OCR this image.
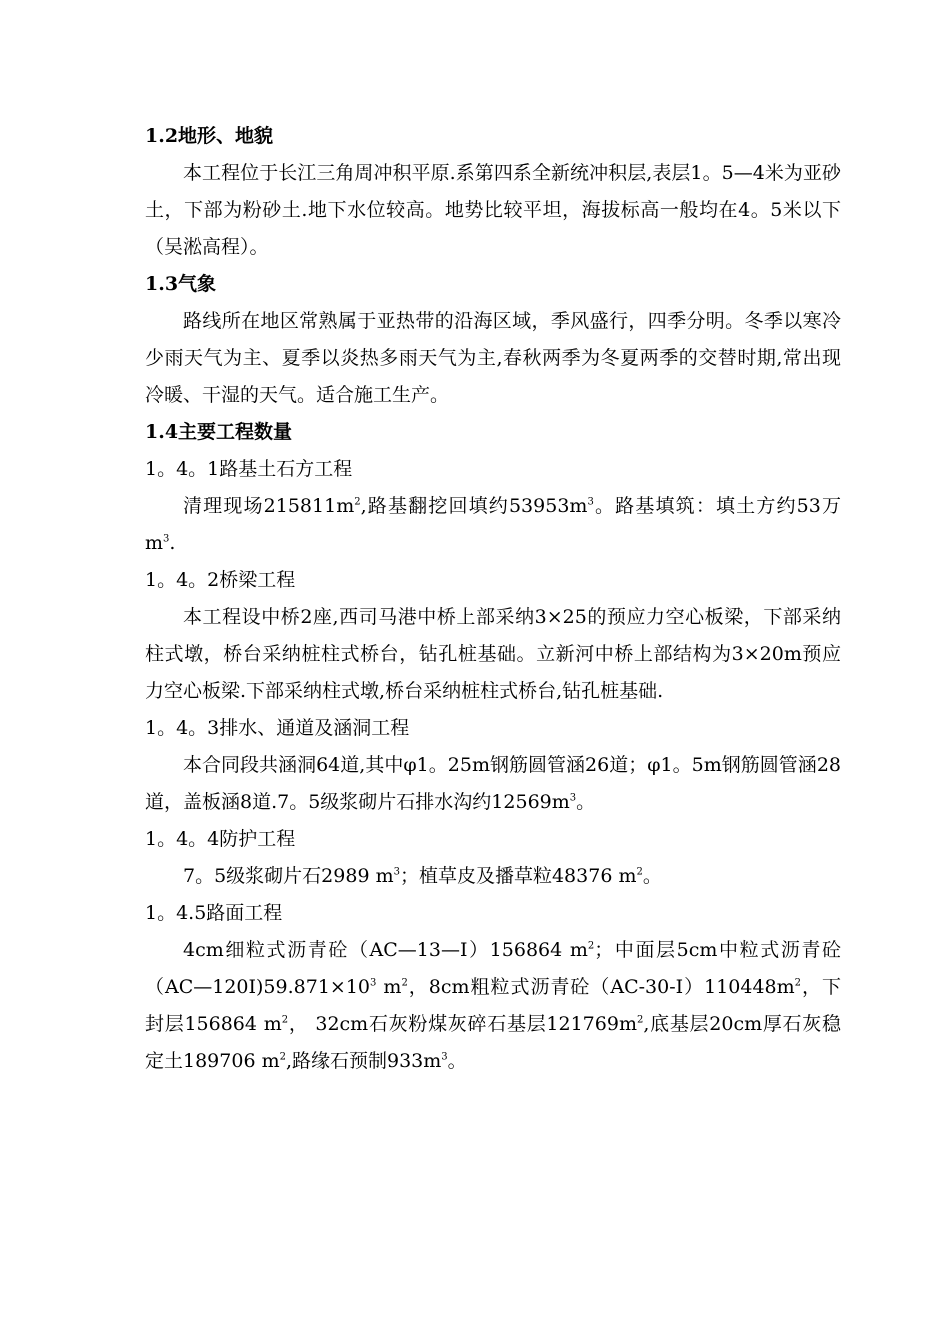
1.2地形、地貌

本工程位于长江三角周冲积平原.系第四系全新统冲积层,表层1。5—4米为亚砂土，下部为粉砂土.地下水位较高。地势比较平坦，海拔标高一般均在4。5米以下（吴淞高程）。

1.3气象

路线所在地区常熟属于亚热带的沿海区域，季风盛行，四季分明。冬季以寒冷少雨天气为主、夏季以炎热多雨天气为主,春秋两季为冬夏两季的交替时期,常出现冷暖、干湿的天气。适合施工生产。

1.4主要工程数量

1。4。1路基土石方工程

清理现场$215811m^2$,路基翻挖回填约$53953m^3$。路基填筑：填土方约53万$m^3$.

1。4。2桥梁工程

本工程设中桥2座,西司马港中桥上部采纳3×25的预应力空心板梁，下部采纳柱式墩，桥台采纳桩柱式桥台，钻孔桩基础。立新河中桥上部结构为3×20m预应力空心板梁.下部采纳柱式墩,桥台采纳桩柱式桥台,钻孔桩基础.

1。4。3排水、通道及涵洞工程

本合同段共涵洞64道,其中φ1。25m钢筋圆管涵26道；φ1。5m钢筋圆管涵28道，盖板涵8道.7。5级浆砌片石排水沟约$12569m^3$。

1。4。4防护工程

7。5级浆砌片石2989 $m^3$；植草皮及播草粒48376 $m^2$。

1。4.5路面工程

4cm细粒式沥青砼（AC—13—I）156864 $m^2$；中面层5cm中粒式沥青砼$(AC—120I)59.871\times 10^3$ $m^2$，8cm粗粒式沥青砼$(AC-30-I)110448m^2$，下封层156864 $m^2$， 32cm石灰粉煤灰碎石基层$121769m^2$,底基层20cm厚石灰稳定土189706 $m^2$,路缘石预制$933m^3$。
